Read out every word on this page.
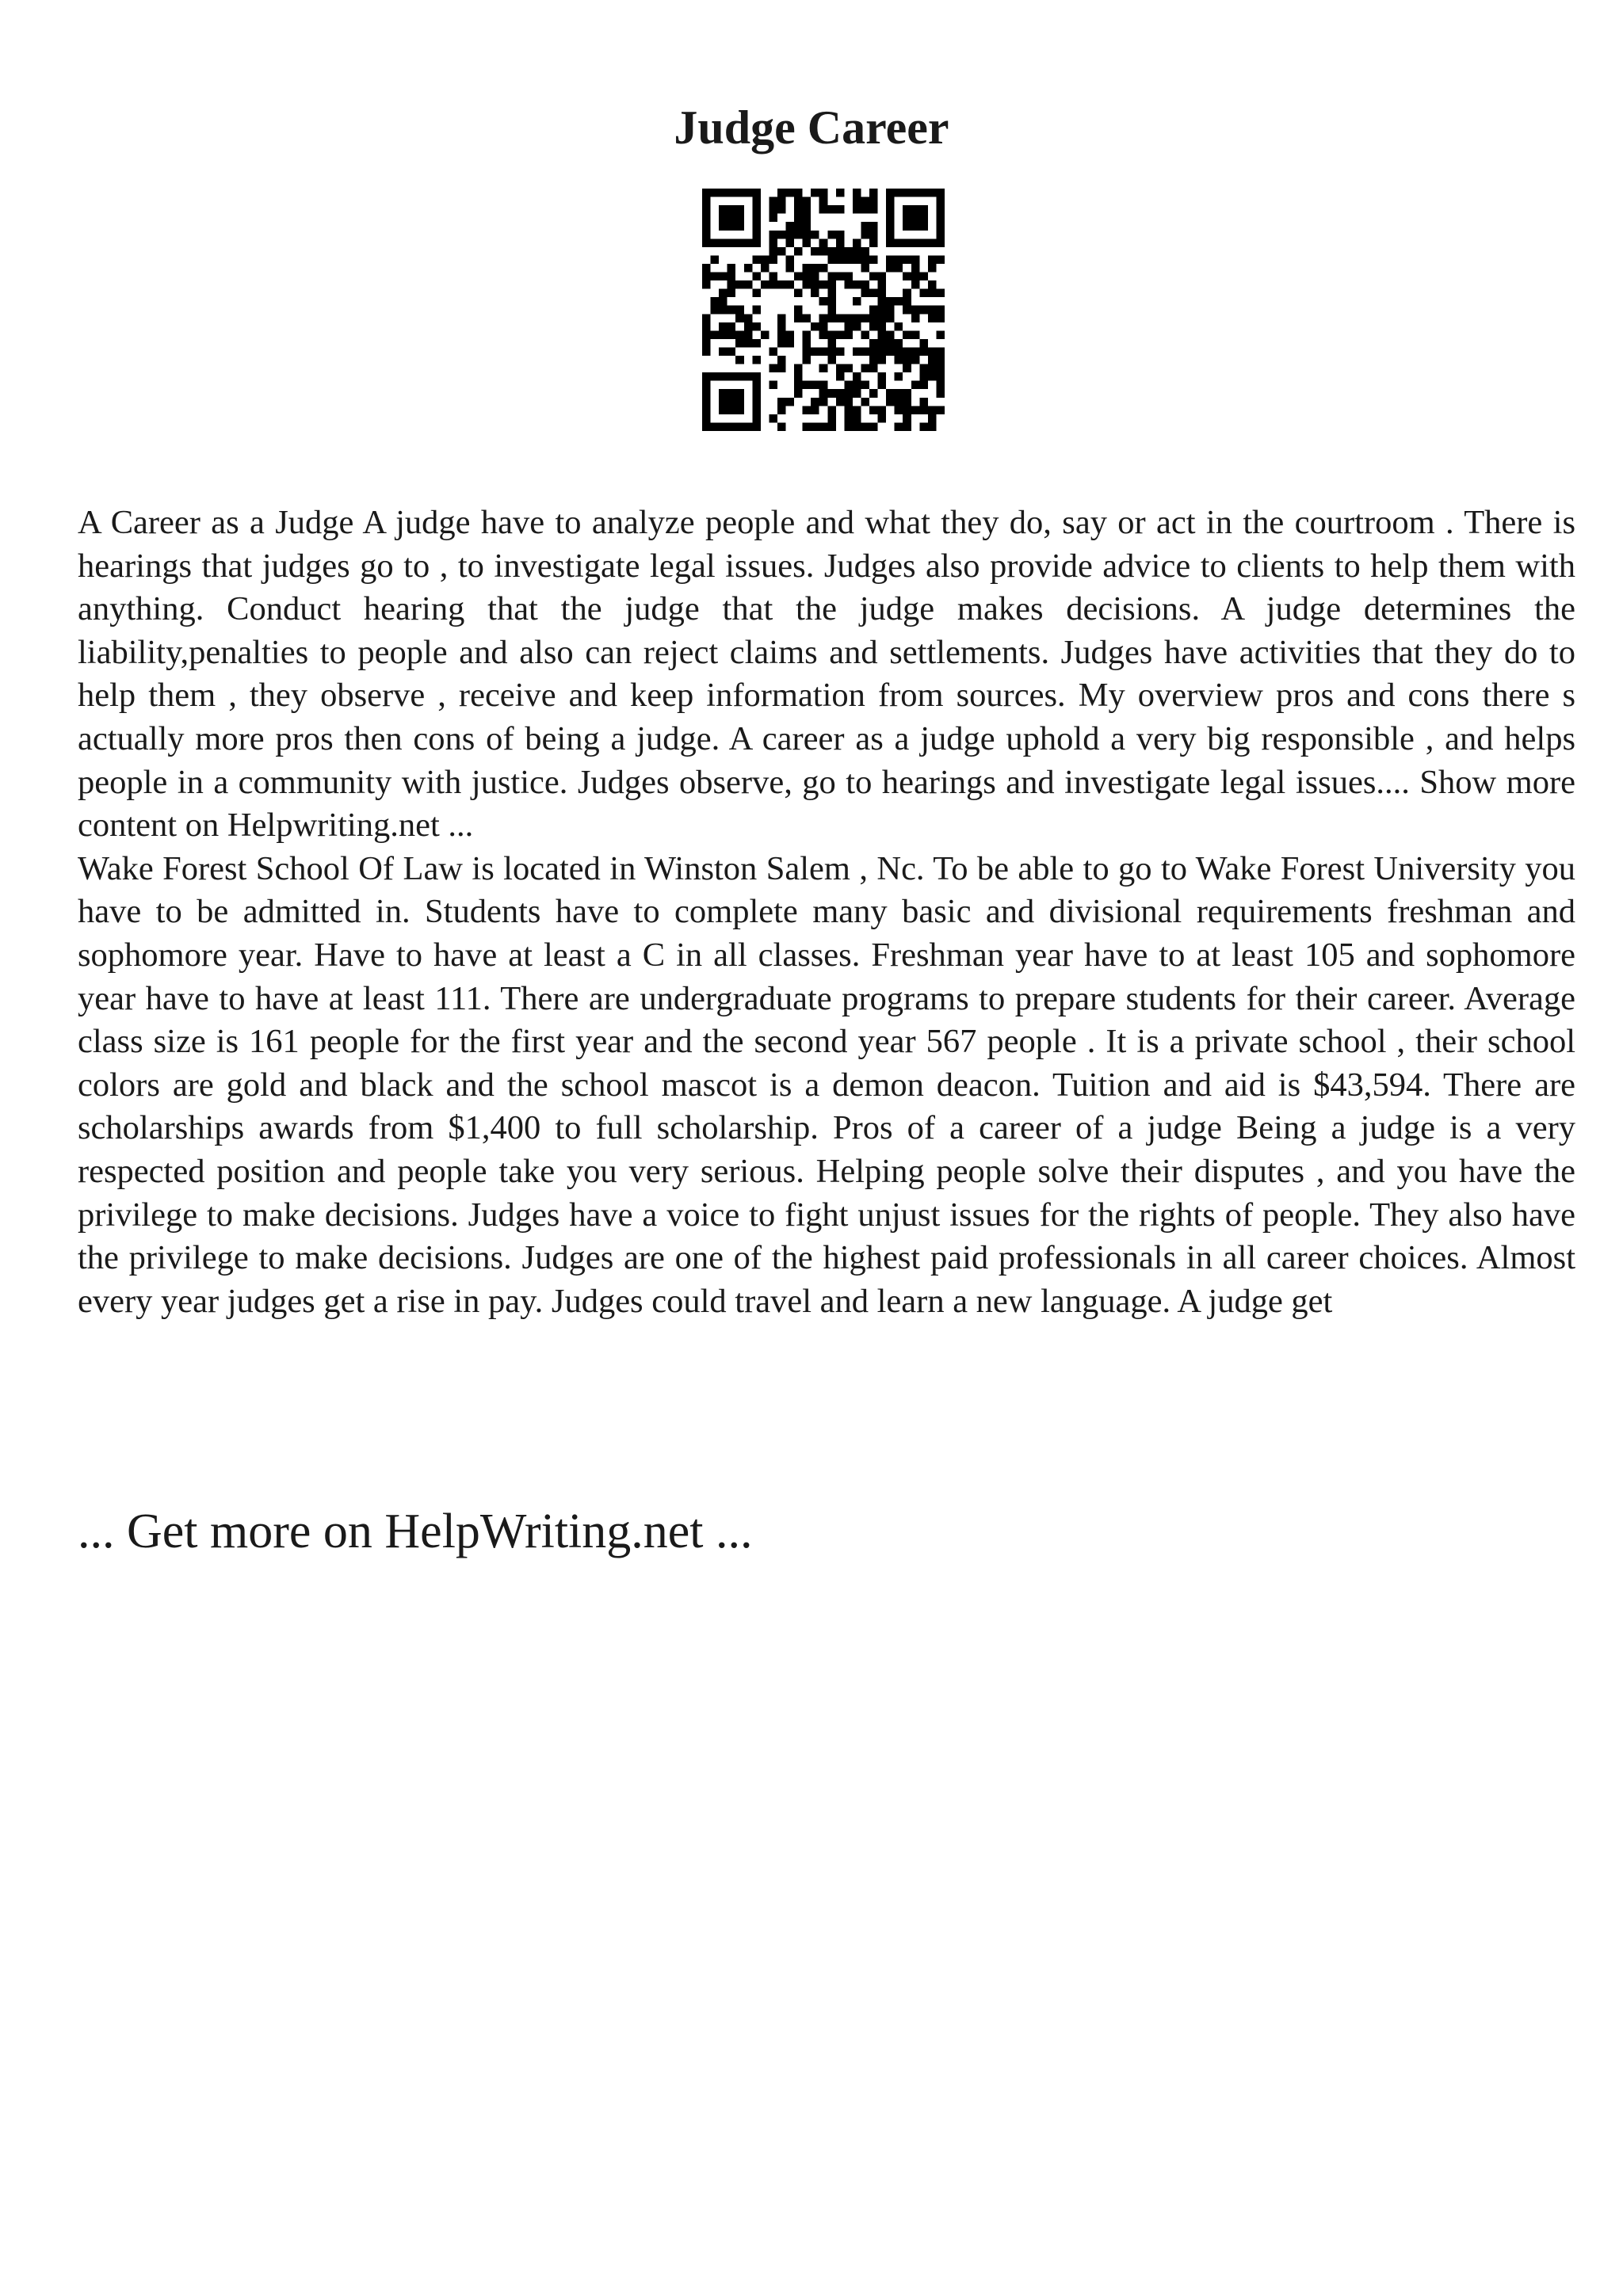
Judge Career

A Career as a Judge A judge have to analyze people and what they do, say or act in the courtroom . There is hearings that judges go to , to investigate legal issues. Judges also provide advice to clients to help them with anything. Conduct hearing that the judge that the judge makes decisions. A judge determines the liability,penalties to people and also can reject claims and settlements. Judges have activities that they do to help them , they observe , receive and keep information from sources. My overview pros and cons there s actually more pros then cons of being a judge. A career as a judge uphold a very big responsible , and helps people in a community with justice. Judges observe, go to hearings and investigate legal issues.... Show more content on Helpwriting.net ...

Wake Forest School Of Law is located in Winston Salem , Nc. To be able to go to Wake Forest University you have to be admitted in. Students have to complete many basic and divisional requirements freshman and sophomore year. Have to have at least a C in all classes. Freshman year have to at least 105 and sophomore year have to have at least 111. There are undergraduate programs to prepare students for their career. Average class size is 161 people for the first year and the second year 567 people . It is a private school , their school colors are gold and black and the school mascot is a demon deacon. Tuition and aid is $43,594. There are scholarships awards from $1,400 to full scholarship. Pros of a career of a judge Being a judge is a very respected position and people take you very serious. Helping people solve their disputes , and you have the privilege to make decisions. Judges have a voice to fight unjust issues for the rights of people. They also have the privilege to make decisions. Judges are one of the highest paid professionals in all career choices. Almost every year judges get a rise in pay. Judges could travel and learn a new language. A judge get

... Get more on HelpWriting.net ...
